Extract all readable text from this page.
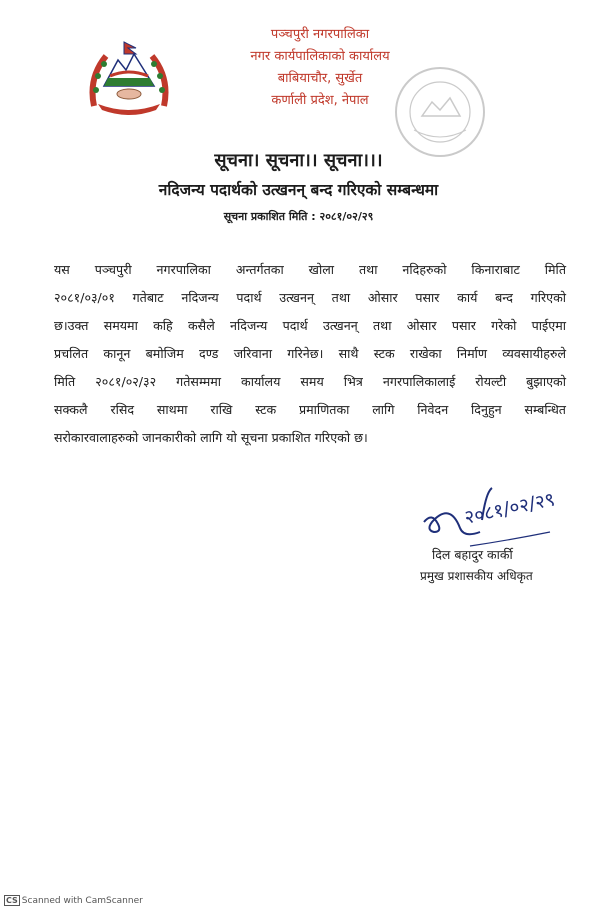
पञ्चपुरी नगरपालिका
नगर कार्यपालिकाको कार्यालय
बाबियाचौर, सुर्खेत
कर्णाली प्रदेश, नेपाल
सूचना। सूचना।। सूचना।।।
नदिजन्य पदार्थको उत्खनन् बन्द गरिएको सम्बन्धमा
सूचना प्रकाशित मिति : २०८१/०२/२९
यस पञ्चपुरी नगरपालिका अन्तर्गतका खोला तथा नदिहरुको किनाराबाट मिति
२०८१/०३/०१ गतेबाट नदिजन्य पदार्थ उत्खनन् तथा ओसार पसार कार्य बन्द गरिएको
छ।उक्त समयमा कहि कसैले नदिजन्य पदार्थ उत्खनन् तथा ओसार पसार गरेको पाईएमा
प्रचलित कानून बमोजिम दण्ड जरिवाना गरिनेछ। साथै स्टक राखेका निर्माण व्यवसायीहरुले
मिति २०८१/०२/३२ गतेसम्ममा कार्यालय समय भित्र नगरपालिकालाई रोयल्टी बुझाएको
सक्कलै रसिद साथमा राखि स्टक प्रमाणितका लागि निवेदन दिनुहुन सम्बन्धित
सरोकारवालाहरुको जानकारीको लागि यो सूचना प्रकाशित गरिएको छ।
२०८१/०२/२९
दिल बहादुर कार्की
प्रमुख प्रशासकीय अधिकृत
CS Scanned with CamScanner
